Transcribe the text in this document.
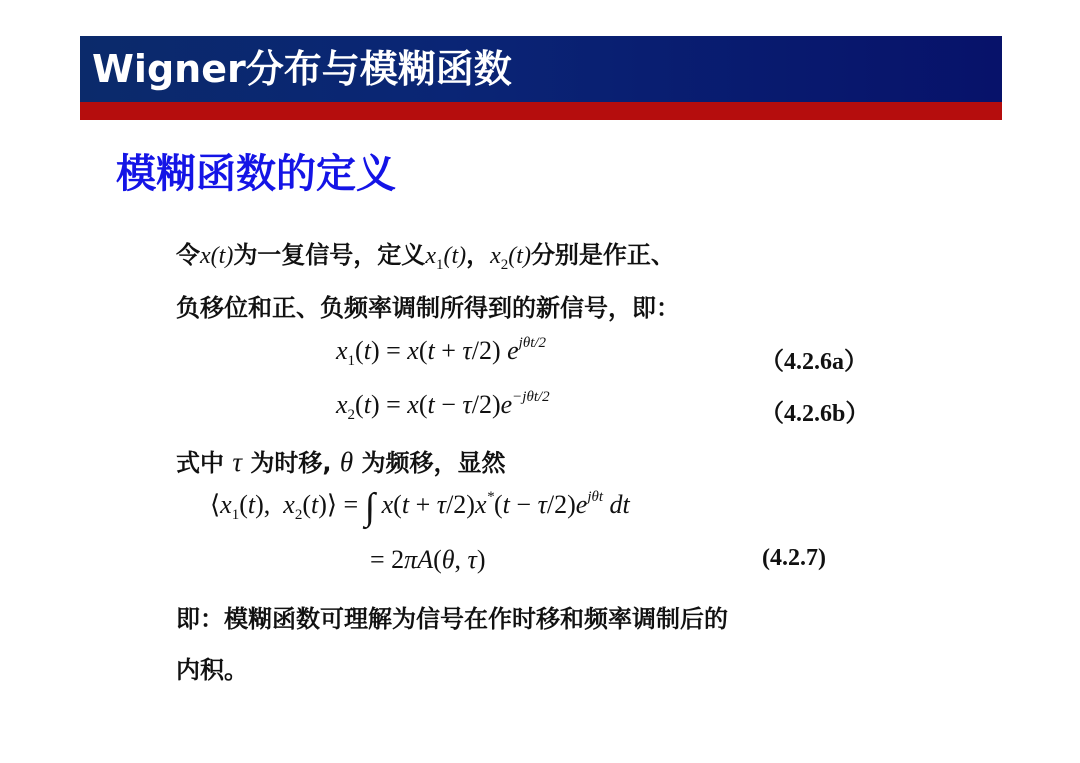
Wigner分布与模糊函数
模糊函数的定义
令x(t)为一复信号，定义$x_1(t)$，$x_2(t)$分别是作正、
负移位和正、负频率调制所得到的新信号，即：
$x_1(t) = x(t + \tau/2)$ $e^{j\theta t/2}$
（4.2.6a）
$x_2(t) = x(t - \tau/2)e^{-j\theta t/2}$
（4.2.6b）
式中 τ 为时移, θ 为频移，显然
$⟨x_1(t)$,  $x_2(t)⟩$ = ∫ $x(t + \tau/2)x^*(t - \tau/2)e^{j\theta t}$ dt
= 2πA(θ, τ)	(4.2.7)
即：模糊函数可理解为信号在作时移和频率调制后的
内积。
